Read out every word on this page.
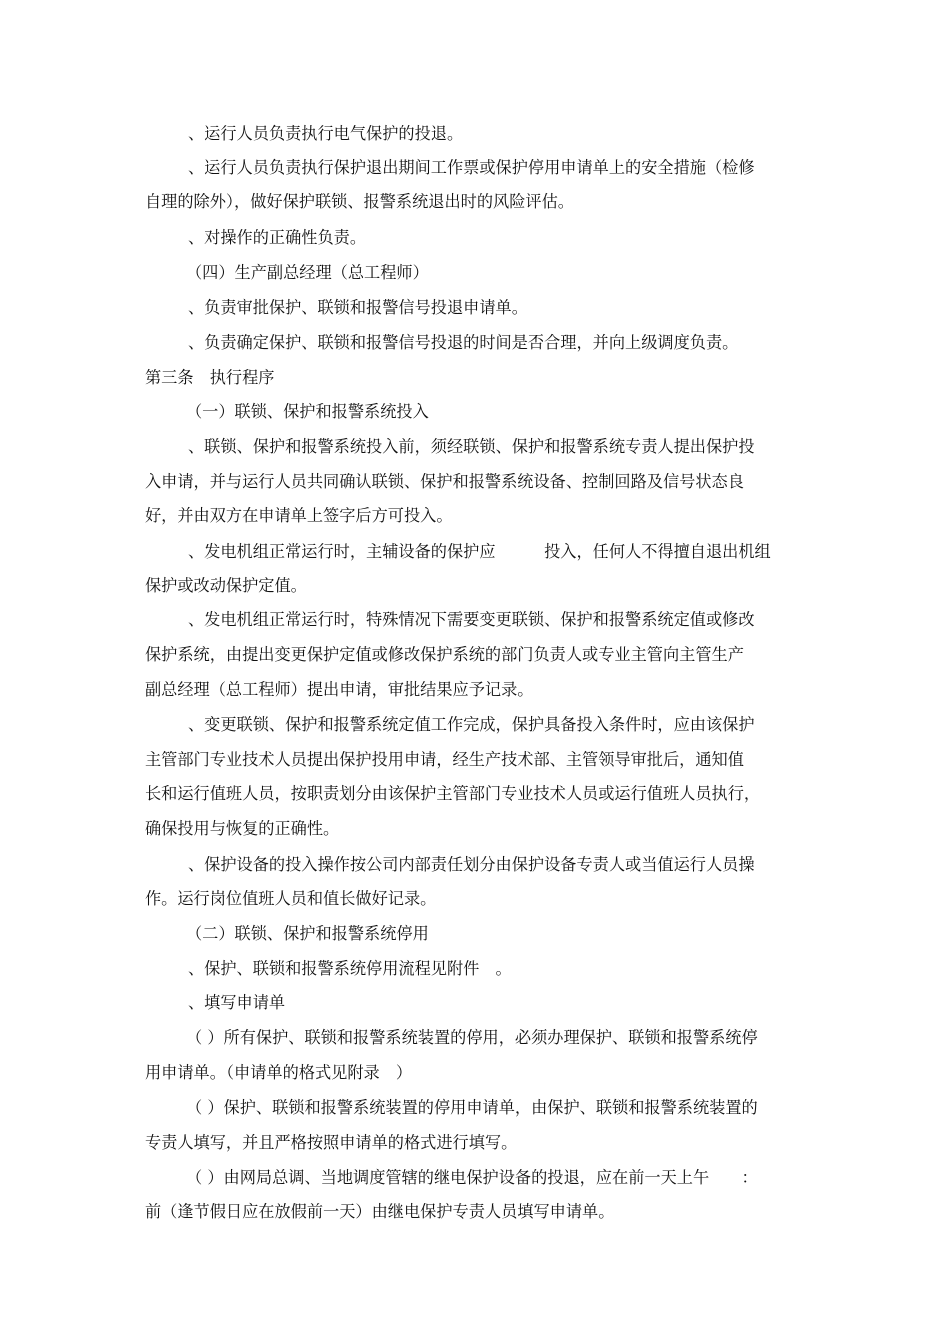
、运行人员负责执行电气保护的投退。
、运行人员负责执行保护退出期间工作票或保护停用申请单上的安全措施（检修
自理的除外），做好保护联锁、报警系统退出时的风险评估。
、对操作的正确性负责。
（四）生产副总经理（总工程师）
、负责审批保护、联锁和报警信号投退申请单。
、负责确定保护、联锁和报警信号投退的时间是否合理，并向上级调度负责。
第三条　执行程序
（一）联锁、保护和报警系统投入
、联锁、保护和报警系统投入前，须经联锁、保护和报警系统专责人提出保护投
入申请，并与运行人员共同确认联锁、保护和报警系统设备、控制回路及信号状态良
好，并由双方在申请单上签字后方可投入。
、发电机组正常运行时，主辅设备的保护应　　　投入，任何人不得擅自退出机组
保护或改动保护定值。
、发电机组正常运行时，特殊情况下需要变更联锁、保护和报警系统定值或修改
保护系统，由提出变更保护定值或修改保护系统的部门负责人或专业主管向主管生产
副总经理（总工程师）提出申请，审批结果应予记录。
、变更联锁、保护和报警系统定值工作完成，保护具备投入条件时，应由该保护
主管部门专业技术人员提出保护投用申请，经生产技术部、主管领导审批后，通知值
长和运行值班人员，按职责划分由该保护主管部门专业技术人员或运行值班人员执行，
确保投用与恢复的正确性。
、保护设备的投入操作按公司内部责任划分由保护设备专责人或当值运行人员操
作。运行岗位值班人员和值长做好记录。
（二）联锁、保护和报警系统停用
、保护、联锁和报警系统停用流程见附件　。
、填写申请单
（ ）所有保护、联锁和报警系统装置的停用，必须办理保护、联锁和报警系统停
用申请单。（申请单的格式见附录　）
（ ）保护、联锁和报警系统装置的停用申请单，由保护、联锁和报警系统装置的
专责人填写，并且严格按照申请单的格式进行填写。
（ ）由网局总调、当地调度管辖的继电保护设备的投退，应在前一天上午　　：
前（逢节假日应在放假前一天）由继电保护专责人员填写申请单。
